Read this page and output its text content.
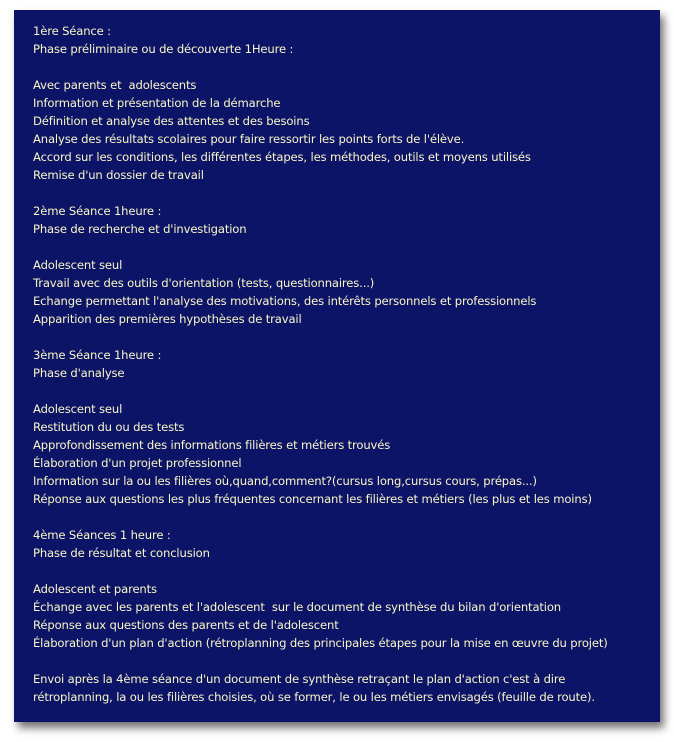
1ère Séance :
Phase préliminaire ou de découverte 1Heure :
Avec parents et  adolescents
Information et présentation de la démarche
Définition et analyse des attentes et des besoins
Analyse des résultats scolaires pour faire ressortir les points forts de l'élève.
Accord sur les conditions, les différentes étapes, les méthodes, outils et moyens utilisés
Remise d'un dossier de travail
2ème Séance 1heure :
Phase de recherche et d'investigation
Adolescent seul
Travail avec des outils d'orientation (tests, questionnaires...)
Echange permettant l'analyse des motivations, des intérêts personnels et professionnels
Apparition des premières hypothèses de travail
3ème Séance 1heure :
Phase d'analyse
Adolescent seul
Restitution du ou des tests
Approfondissement des informations filières et métiers trouvés
Élaboration d'un projet professionnel
Information sur la ou les filières où,quand,comment?(cursus long,cursus cours, prépas...)
Réponse aux questions les plus fréquentes concernant les filières et métiers (les plus et les moins)
4ème Séances 1 heure :
Phase de résultat et conclusion
Adolescent et parents
Échange avec les parents et l'adolescent  sur le document de synthèse du bilan d'orientation
Réponse aux questions des parents et de l'adolescent
Élaboration d'un plan d'action (rétroplanning des principales étapes pour la mise en œuvre du projet)
Envoi après la 4ème séance d'un document de synthèse retraçant le plan d'action c'est à dire
rétroplanning, la ou les filières choisies, où se former, le ou les métiers envisagés (feuille de route).
